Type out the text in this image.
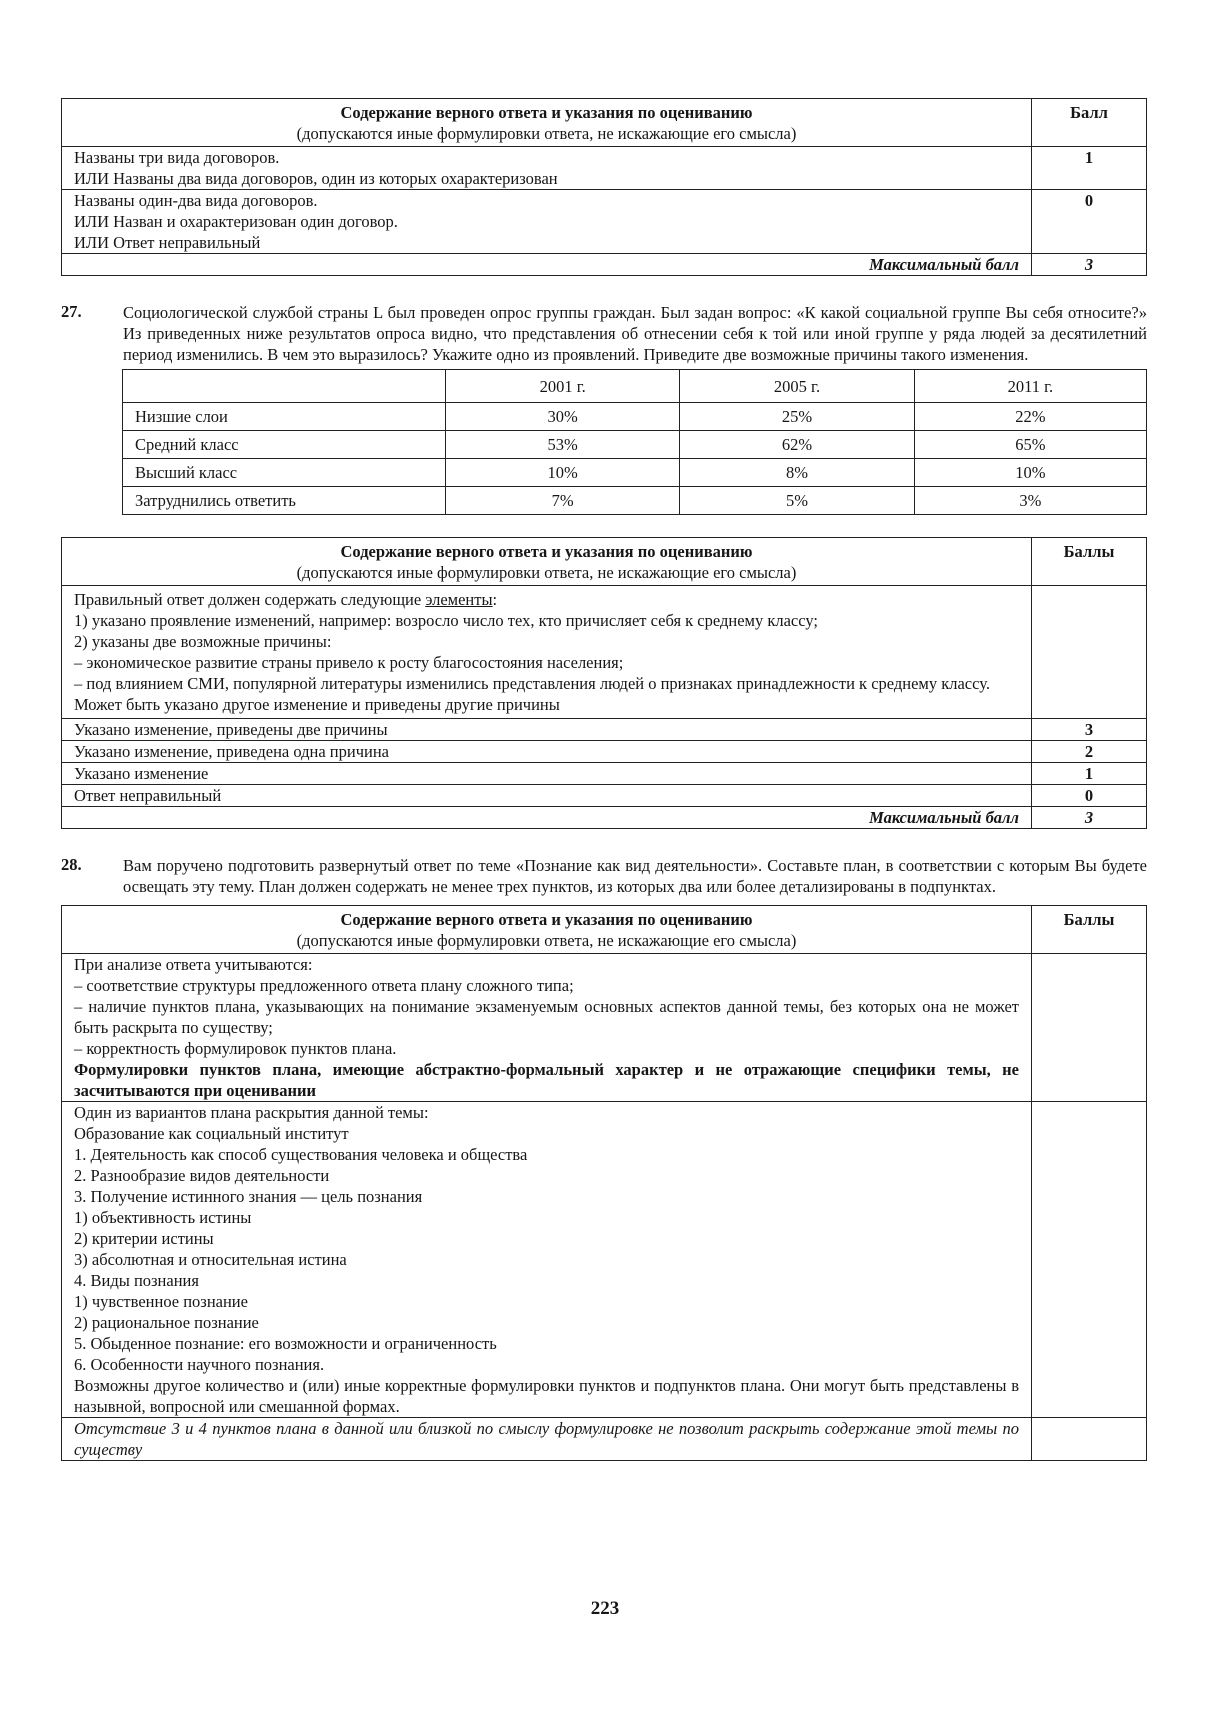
Содержание верного ответа и указания по оцениванию
(допускаются иные формулировки ответа, не искажающие его смысла)	Балл

Названы три вида договоров.
ИЛИ Названы два вида договоров, один из которых охарактеризован	1

Названы один-два вида договоров.
ИЛИ Назван и охарактеризован один договор.
ИЛИ Ответ неправильный	0
Максимальный балл	3
27.	Социологической службой страны L был проведен опрос группы граждан. Был задан вопрос: «К какой социальной группе Вы себя относите?» Из приведенных ниже результатов опроса видно, что представления об отнесении себя к той или иной группе у ряда людей за десятилетний период изменились. В чем это выразилось? Укажите одно из проявлений. Приведите две возможные причины такого изменения.
	2001 г.	2005 г.	2011 г.
Низшие слои	30%	25%	22%
Средний класс	53%	62%	65%
Высший класс	10%	8%	10%
Затруднились ответить	7%	5%	3%
Содержание верного ответа и указания по оцениванию
(допускаются иные формулировки ответа, не искажающие его смысла)	Баллы

Правильный ответ должен содержать следующие элементы:
1) указано проявление изменений, например: возросло число тех, кто причисляет себя к среднему классу;
2) указаны две возможные причины:
– экономическое развитие страны привело к росту благосостояния населения;
– под влиянием СМИ, популярной литературы изменились представления людей о признаках принадлежности к среднему классу.
Может быть указано другое изменение и приведены другие причины

Указано изменение, приведены две причины	3
Указано изменение, приведена одна причина	2
Указано изменение	1
Ответ неправильный	0
Максимальный балл	3
28.	Вам поручено подготовить развернутый ответ по теме «Познание как вид деятельности». Составьте план, в соответствии с которым Вы будете освещать эту тему. План должен содержать не менее трех пунктов, из которых два или более детализированы в подпунктах.
Содержание верного ответа и указания по оцениванию
(допускаются иные формулировки ответа, не искажающие его смысла)	Баллы

При анализе ответа учитываются:
– соответствие структуры предложенного ответа плану сложного типа;
– наличие пунктов плана, указывающих на понимание экзаменуемым основных аспектов данной темы, без которых она не может быть раскрыта по существу;
– корректность формулировок пунктов плана.
Формулировки пунктов плана, имеющие абстрактно-формальный характер и не отражающие специфики темы, не засчитываются при оценивании	

Один из вариантов плана раскрытия данной темы:
Образование как социальный институт
1. Деятельность как способ существования человека и общества
2. Разнообразие видов деятельности
3. Получение истинного знания — цель познания
1) объективность истины
2) критерии истины
3) абсолютная и относительная истина
4. Виды познания
1) чувственное познание
2) рациональное познание
5. Обыденное познание: его возможности и ограниченность
6. Особенности научного познания.
Возможны другое количество и (или) иные корректные формулировки пунктов и подпунктов плана. Они могут быть представлены в назывной, вопросной или смешанной формах.

Отсутствие 3 и 4 пунктов плана в данной или близкой по смыслу формулировке не позволит раскрыть содержание этой темы по существу	
223
